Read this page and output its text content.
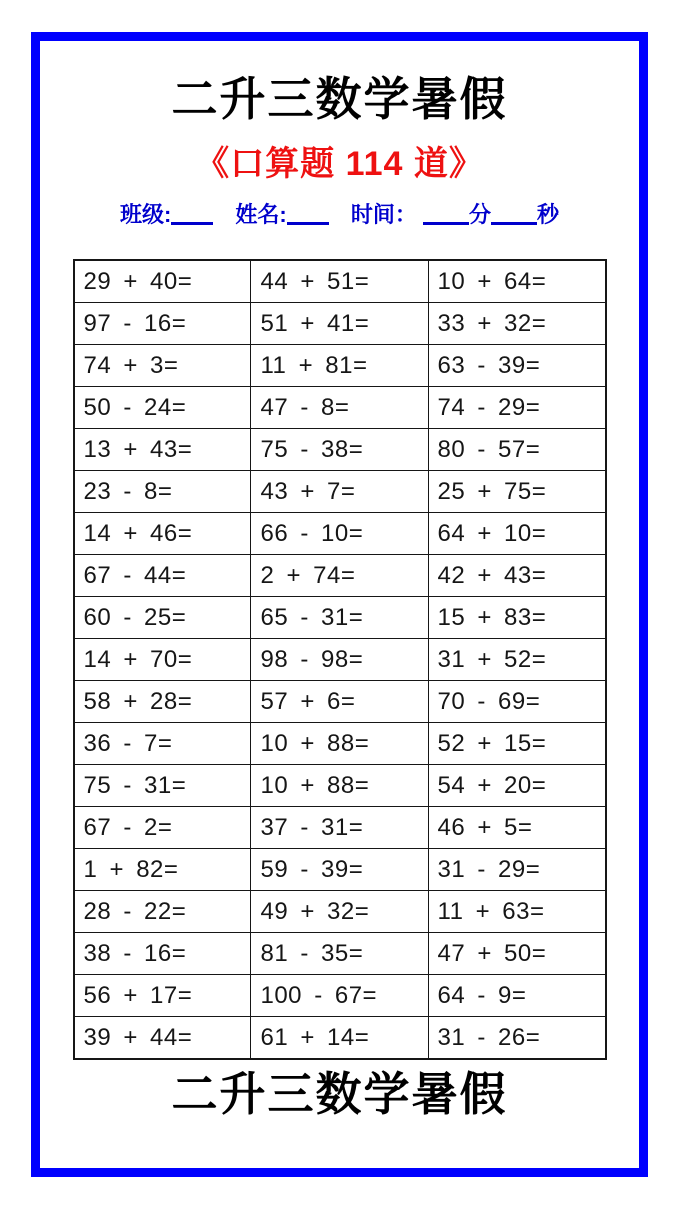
二升三数学暑假
《口算题 114 道》
班级:	姓名:	时间： 分 秒
29 + 40=	44 + 51=	10 + 64=
97 - 16=	51 + 41=	33 + 32=
74 + 3=	11 + 81=	63 - 39=
50 - 24=	47 - 8=	74 - 29=
13 + 43=	75 - 38=	80 - 57=
23 - 8=	43 + 7=	25 + 75=
14 + 46=	66 - 10=	64 + 10=
67 - 44=	2 + 74=	42 + 43=
60 - 25=	65 - 31=	15 + 83=
14 + 70=	98 - 98=	31 + 52=
58 + 28=	57 + 6=	70 - 69=
36 - 7=	10 + 88=	52 + 15=
75 - 31=	10 + 88=	54 + 20=
67 - 2=	37 - 31=	46 + 5=
1 + 82=	59 - 39=	31 - 29=
28 - 22=	49 + 32=	11 + 63=
38 - 16=	81 - 35=	47 + 50=
56 + 17=	100 - 67=	64 - 9=
39 + 44=	61 + 14=	31 - 26=
二升三数学暑假
